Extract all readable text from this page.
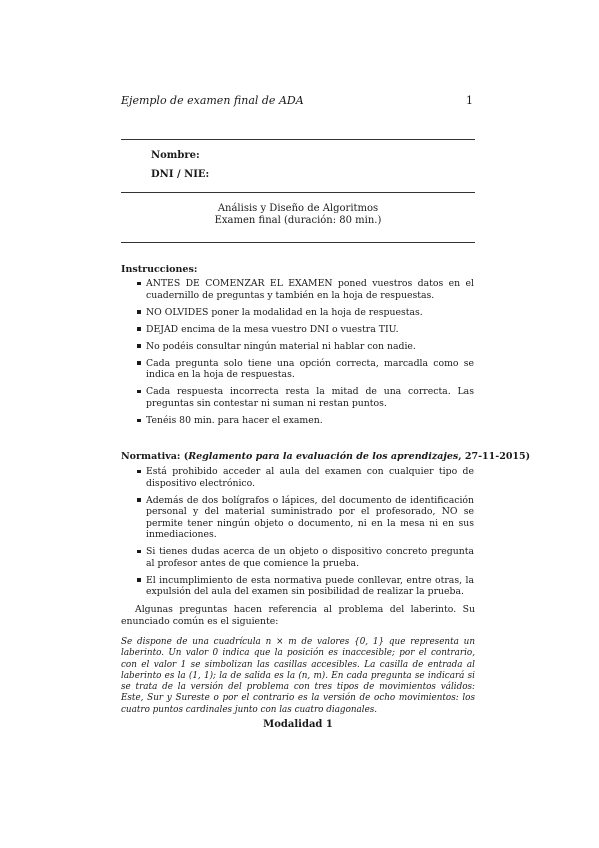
Ejemplo de examen final de ADA	1
Nombre:
DNI / NIE:
Análisis y Diseño de Algoritmos
Examen final (duración: 80 min.)
Instrucciones:
ANTES DE COMENZAR EL EXAMEN poned vuestros datos en el cuadernillo de preguntas y también en la hoja de respuestas.
NO OLVIDES poner la modalidad en la hoja de respuestas.
DEJAD encima de la mesa vuestro DNI o vuestra TIU.
No podéis consultar ningún material ni hablar con nadie.
Cada pregunta solo tiene una opción correcta, marcadla como se indica en la hoja de respuestas.
Cada respuesta incorrecta resta la mitad de una correcta. Las preguntas sin contestar ni suman ni restan puntos.
Tenéis 80 min. para hacer el examen.
Normativa: (Reglamento para la evaluación de los aprendizajes, 27-11-2015)
Está prohibido acceder al aula del examen con cualquier tipo de dispositivo electrónico.
Además de dos bolígrafos o lápices, del documento de identificación personal y del material suministrado por el profesorado, NO se permite tener ningún objeto o documento, ni en la mesa ni en sus inmediaciones.
Si tienes dudas acerca de un objeto o dispositivo concreto pregunta al profesor antes de que comience la prueba.
El incumplimiento de esta normativa puede conllevar, entre otras, la expulsión del aula del examen sin posibilidad de realizar la prueba.
Algunas preguntas hacen referencia al problema del laberinto. Su enunciado común es el siguiente:
Se dispone de una cuadrícula n × m de valores {0, 1} que representa un laberinto. Un valor 0 indica que la posición es inaccesible; por el contrario, con el valor 1 se simbolizan las casillas accesibles. La casilla de entrada al laberinto es la (1, 1); la de salida es la (n, m). En cada pregunta se indicará si se trata de la versión del problema con tres tipos de movimientos válidos: Este, Sur y Sureste o por el contrario es la versión de ocho movimientos: los cuatro puntos cardinales junto con las cuatro diagonales.
Modalidad 1
